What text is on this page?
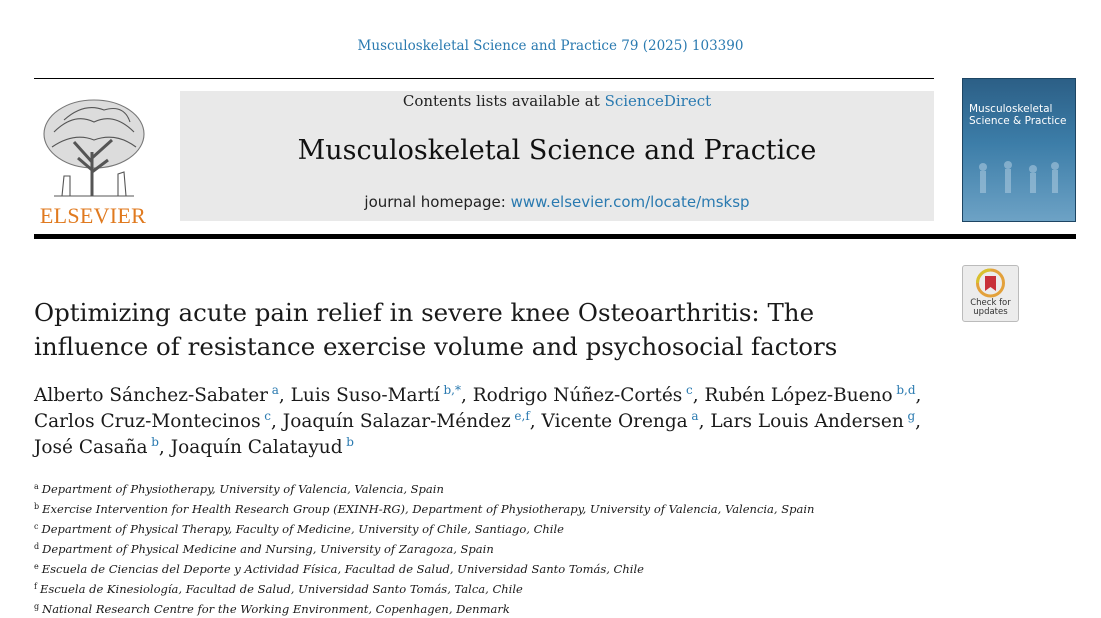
Musculoskeletal Science and Practice 79 (2025) 103390
ELSEVIER
Contents lists available at ScienceDirect
Musculoskeletal Science and Practice
journal homepage: www.elsevier.com/locate/msksp
Musculoskeletal Science & Practice
Check for updates
Optimizing acute pain relief in severe knee Osteoarthritis: The influence of resistance exercise volume and psychosocial factors
Alberto Sánchez-Sabater  $^a$, Luis Suso-Martí  $^{b,*}$, Rodrigo Núñez-Cortés  $^c$, Rubén López-Bueno  $^{b,d}$, Carlos Cruz-Montecinos  $^c$, Joaquín Salazar-Méndez  $^{e,f}$, Vicente Orenga  $^a$, Lars Louis Andersen  $^g$, José Casaña  $^b$, Joaquín Calatayud  $^b$
$^a$ Department of Physiotherapy, University of Valencia, Valencia, Spain
$^b$ Exercise Intervention for Health Research Group (EXINH-RG), Department of Physiotherapy, University of Valencia, Valencia, Spain
$^c$ Department of Physical Therapy, Faculty of Medicine, University of Chile, Santiago, Chile
$^d$ Department of Physical Medicine and Nursing, University of Zaragoza, Spain
$^e$ Escuela de Ciencias del Deporte y Actividad Física, Facultad de Salud, Universidad Santo Tomás, Chile
$^f$ Escuela de Kinesiología, Facultad de Salud, Universidad Santo Tomás, Talca, Chile
$^g$ National Research Centre for the Working Environment, Copenhagen, Denmark
